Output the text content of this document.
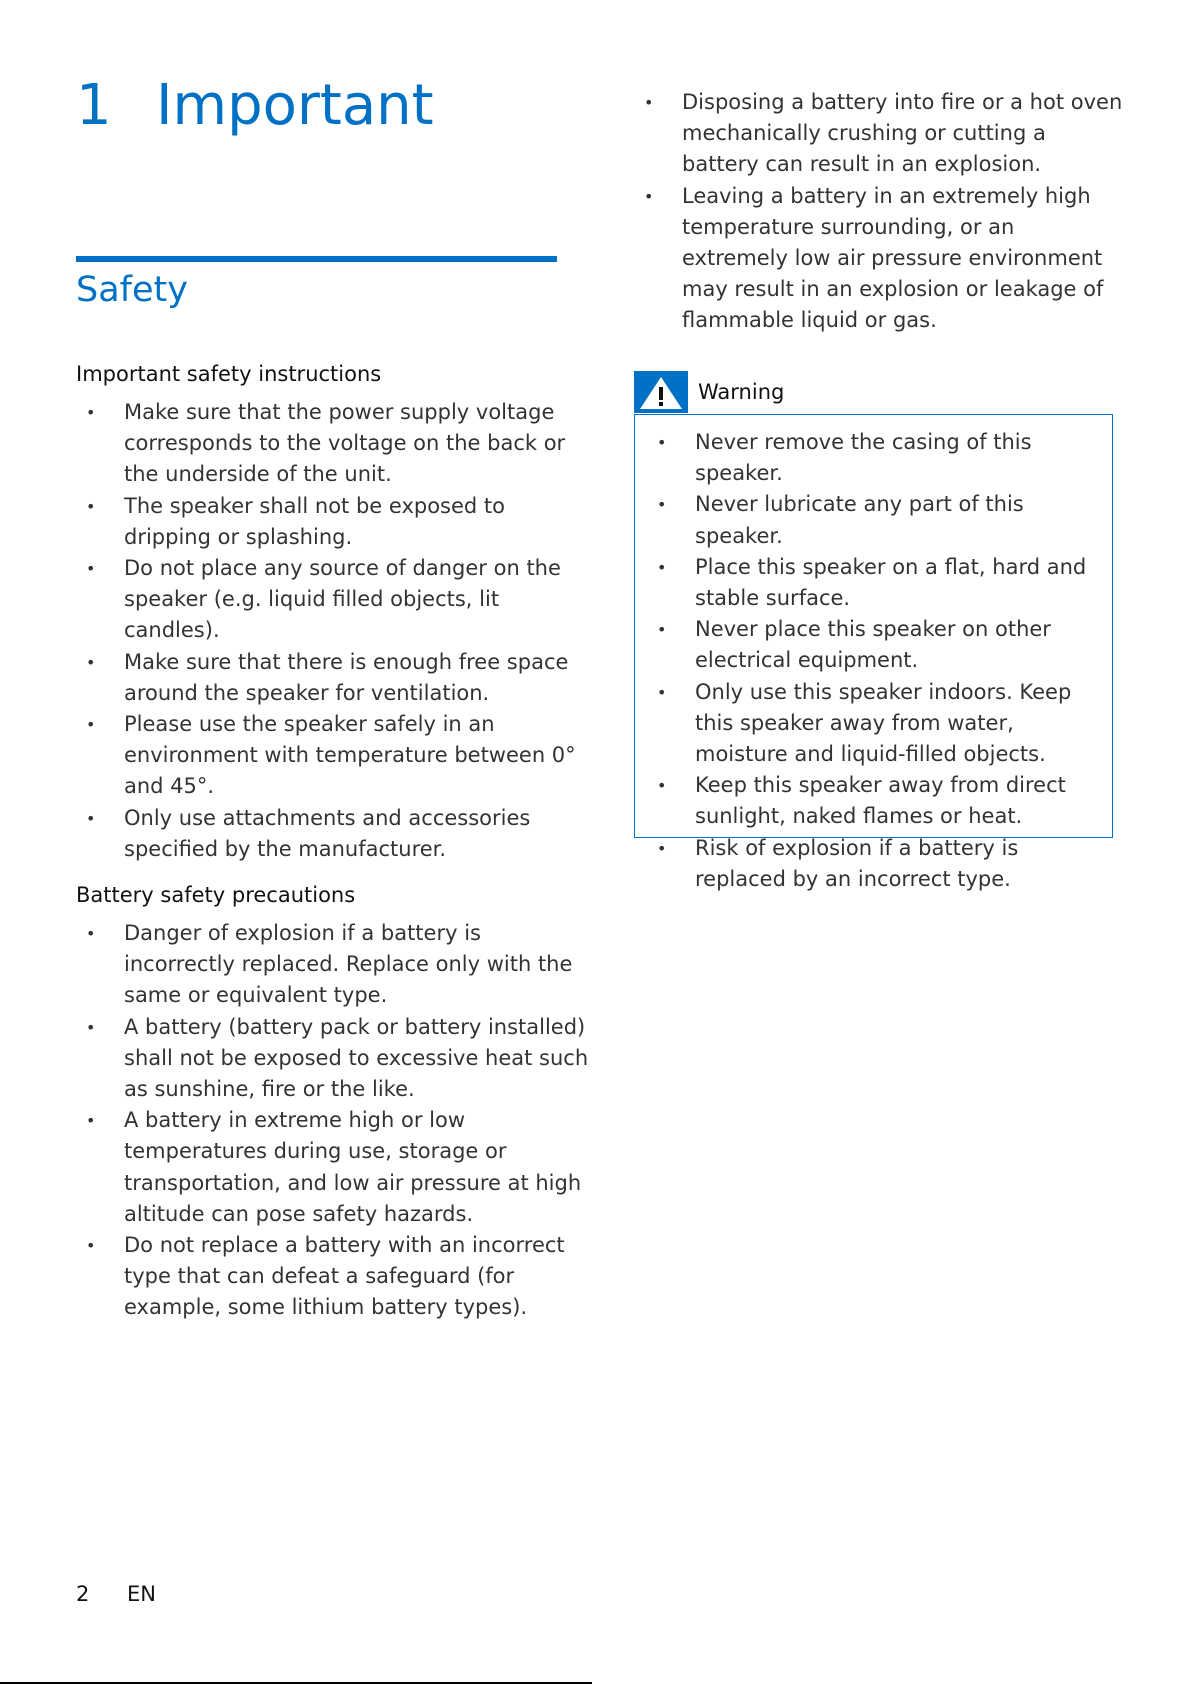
1 Important
Safety
Important safety instructions
• Make sure that the power supply voltage corresponds to the voltage on the back or the underside of the unit.
• The speaker shall not be exposed to dripping or splashing.
• Do not place any source of danger on the speaker (e.g. liquid filled objects, lit candles).
• Make sure that there is enough free space around the speaker for ventilation.
• Please use the speaker safely in an environment with temperature between 0° and 45°.
• Only use attachments and accessories specified by the manufacturer.
Battery safety precautions
• Danger of explosion if a battery is incorrectly replaced. Replace only with the same or equivalent type.
• A battery (battery pack or battery installed) shall not be exposed to excessive heat such as sunshine, fire or the like.
• A battery in extreme high or low temperatures during use, storage or transportation, and low air pressure at high altitude can pose safety hazards.
• Do not replace a battery with an incorrect type that can defeat a safeguard (for example, some lithium battery types).
• Disposing a battery into fire or a hot oven mechanically crushing or cutting a battery can result in an explosion.
• Leaving a battery in an extremely high temperature surrounding, or an extremely low air pressure environment may result in an explosion or leakage of flammable liquid or gas.
Warning
• Never remove the casing of this speaker.
• Never lubricate any part of this speaker.
• Place this speaker on a flat, hard and stable surface.
• Never place this speaker on other electrical equipment.
• Only use this speaker indoors. Keep this speaker away from water, moisture and liquid-filled objects.
• Keep this speaker away from direct sunlight, naked flames or heat.
• Risk of explosion if a battery is replaced by an incorrect type.
2 EN
